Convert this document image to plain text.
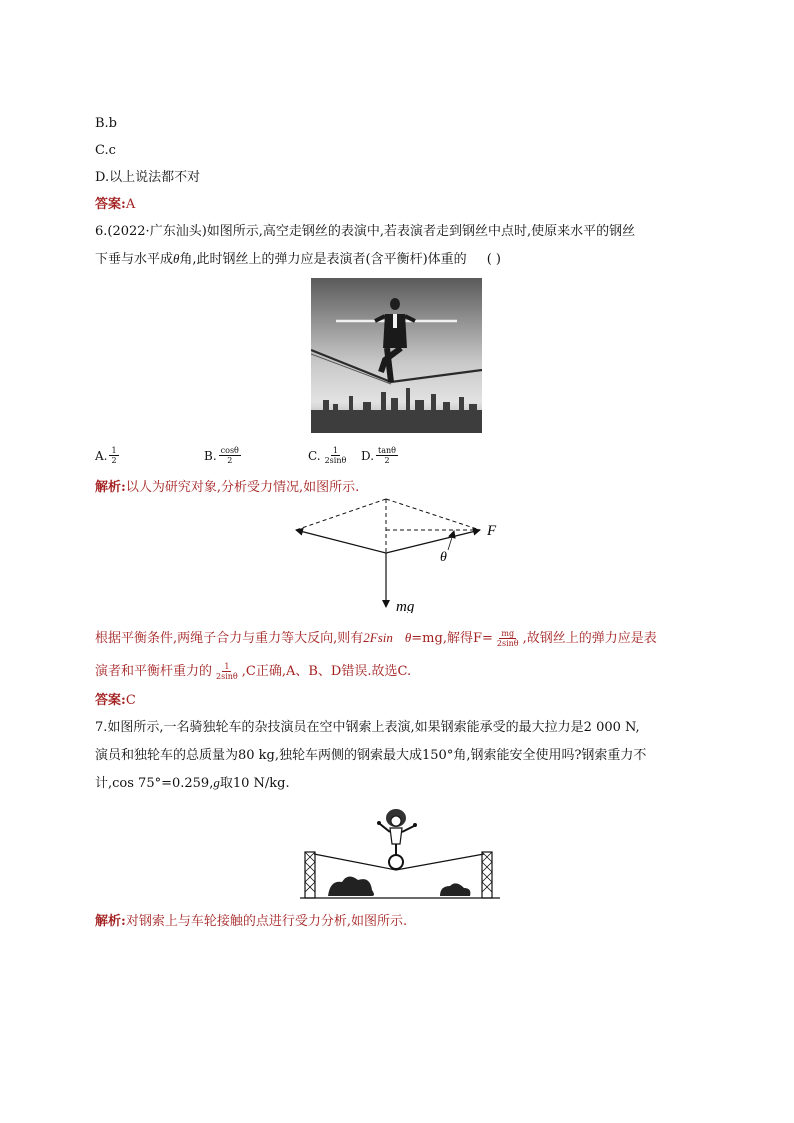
B.b
C.c
D.以上说法都不对
答案:A
6.(2022·广东汕头)如图所示,高空走钢丝的表演中,若表演者走到钢丝中点时,使原来水平的钢丝
下垂与水平成θ角,此时钢丝上的弹力应是表演者(含平衡杆)体重的 ( )
A. $\frac{1}{2}$	B. $\frac{\cos\theta}{2}$	C. $\frac{1}{2\sin\theta} D$. $\frac{\tan\theta}{2}$
解析:以人为研究对象,分析受力情况,如图所示.
F
θ
mg
根据平衡条件,两绳子合力与重力等大反向,则有2Fsin θ=mg,解得$F= \frac{mg}{2\sin\theta}$ ,故钢丝上的弹力应是表
演者和平衡杆重力的 $\frac{1}{2\sin\theta} ,C$正确,A、B、D错误.故选C.
答案:C
7.如图所示,一名骑独轮车的杂技演员在空中钢索上表演,如果钢索能承受的最大拉力是2 000 N,
演员和独轮车的总质量为80 kg,独轮车两侧的钢索最大成150°角,钢索能安全使用吗?钢索重力不
计,cos 75°=0.259,g取10 N/kg.
解析:对钢索上与车轮接触的点进行受力分析,如图所示.
